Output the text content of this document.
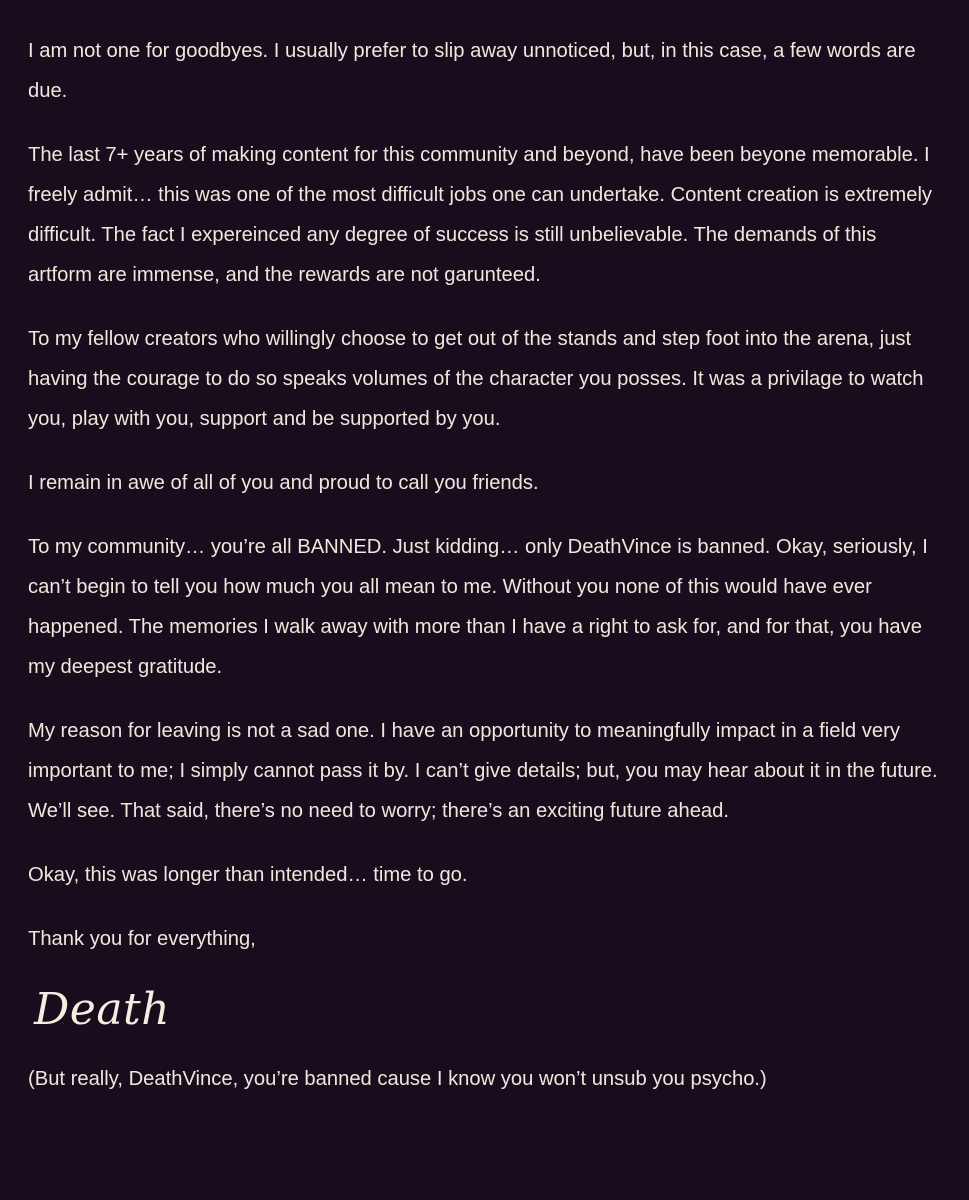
I am not one for goodbyes. I usually prefer to slip away unnoticed, but, in this case, a few words are due.

The last 7+ years of making content for this community and beyond, have been beyone memorable. I freely admit… this was one of the most difficult jobs one can undertake. Content creation is extremely difficult. The fact I expereinced any degree of success is still unbelievable. The demands of this artform are immense, and the rewards are not garunteed.

To my fellow creators who willingly choose to get out of the stands and step foot into the arena, just having the courage to do so speaks volumes of the character you posses. It was a privilage to watch you, play with you, support and be supported by you.

I remain in awe of all of you and proud to call you friends.

To my community… you’re all BANNED. Just kidding… only DeathVince is banned. Okay, seriously, I can’t begin to tell you how much you all mean to me. Without you none of this would have ever happened. The memories I walk away with more than I have a right to ask for, and for that, you have my deepest gratitude.

My reason for leaving is not a sad one. I have an opportunity to meaningfully impact in a field very important to me; I simply cannot pass it by. I can’t give details; but, you may hear about it in the future. We’ll see. That said, there’s no need to worry; there’s an exciting future ahead.

Okay, this was longer than intended… time to go.

Thank you for everything,

Death

(But really, DeathVince, you’re banned cause I know you won’t unsub you psycho.)
